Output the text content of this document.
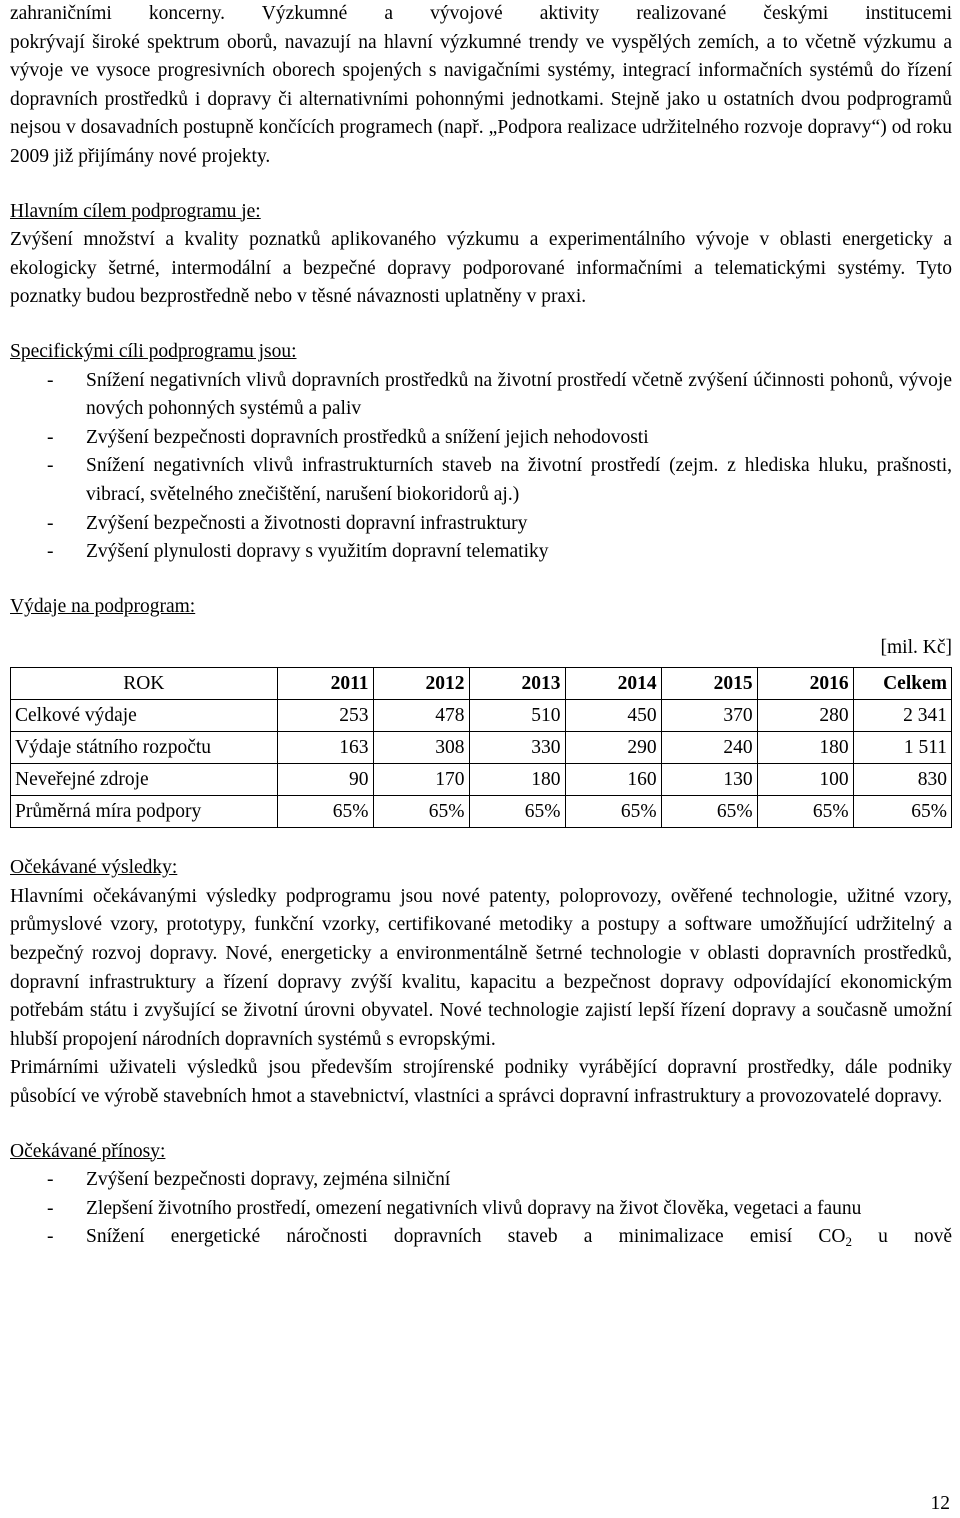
zahraničními koncerny. Výzkumné a vývojové aktivity realizované českými institucemi

pokrývají široké spektrum oborů, navazují na hlavní výzkumné trendy ve vyspělých zemích, a to včetně výzkumu a vývoje ve vysoce progresivních oborech spojených s navigačními systémy, integrací informačních systémů do řízení dopravních prostředků i dopravy či alternativními pohonnými jednotkami. Stejně jako u ostatních dvou podprogramů nejsou v dosavadních postupně končících programech (např. „Podpora realizace udržitelného rozvoje dopravy“) od roku 2009 již přijímány nové projekty.

Hlavním cílem podprogramu je:

Zvýšení množství a kvality poznatků aplikovaného výzkumu a experimentálního vývoje v oblasti energeticky a ekologicky šetrné, intermodální a bezpečné dopravy podporované informačními a telematickými systémy. Tyto poznatky budou bezprostředně nebo v těsné návaznosti uplatněny v praxi.

Specifickými cíli podprogramu jsou:

- Snížení negativních vlivů dopravních prostředků na životní prostředí včetně zvýšení účinnosti pohonů, vývoje nových pohonných systémů a paliv
- Zvýšení bezpečnosti dopravních prostředků a snížení jejich nehodovosti
- Snížení negativních vlivů infrastrukturních staveb na životní prostředí (zejm. z hlediska hluku, prašnosti, vibrací, světelného znečištění, narušení biokoridorů aj.)
- Zvýšení bezpečnosti a životnosti dopravní infrastruktury
- Zvýšení plynulosti dopravy s využitím dopravní telematiky

Výdaje na podprogram:

[mil. Kč]
ROK	2011	2012	2013	2014	2015	2016	Celkem
Celkové výdaje	253	478	510	450	370	280	2 341
Výdaje státního rozpočtu	163	308	330	290	240	180	1 511
Neveřejné zdroje	90	170	180	160	130	100	830
Průměrná míra podpory	65%	65%	65%	65%	65%	65%	65%

Očekávané výsledky:

Hlavními očekávanými výsledky podprogramu jsou nové patenty, poloprovozy, ověřené technologie, užitné vzory, průmyslové vzory, prototypy, funkční vzorky, certifikované metodiky a postupy a software umožňující udržitelný a bezpečný rozvoj dopravy. Nové, energeticky a environmentálně šetrné technologie v oblasti dopravních prostředků, dopravní infrastruktury a řízení dopravy zvýší kvalitu, kapacitu a bezpečnost dopravy odpovídající ekonomickým potřebám státu i zvyšující se životní úrovni obyvatel. Nové technologie zajistí lepší řízení dopravy a současně umožní hlubší propojení národních dopravních systémů s evropskými.

Primárními uživateli výsledků jsou především strojírenské podniky vyrábějící dopravní prostředky, dále podniky působící ve výrobě stavebních hmot a stavebnictví, vlastníci a správci dopravní infrastruktury a provozovatelé dopravy.

Očekávané přínosy:

- Zvýšení bezpečnosti dopravy, zejména silniční
- Zlepšení životního prostředí, omezení negativních vlivů dopravy na život člověka, vegetaci a faunu
- Snížení energetické náročnosti dopravních staveb a minimalizace emisí $CO_2$ u nově
12
